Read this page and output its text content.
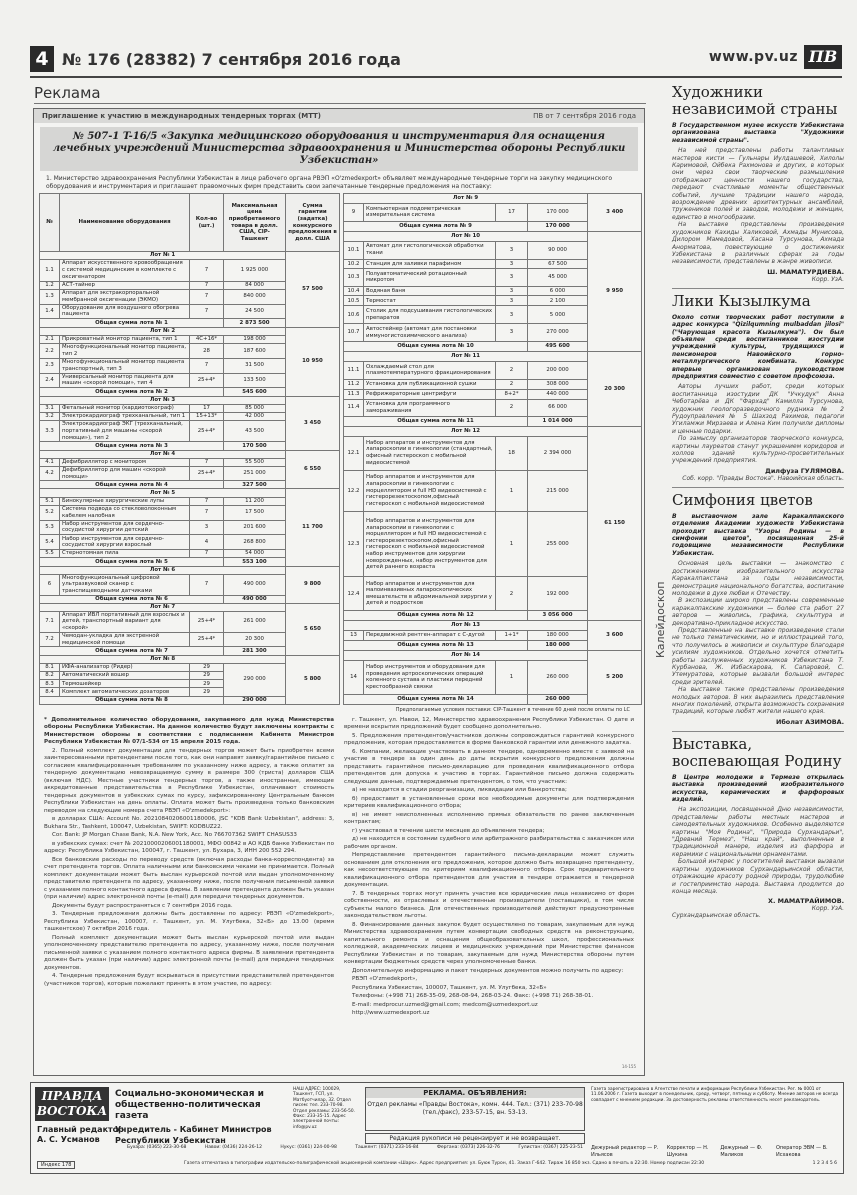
4 № 176 (28382) 7 сентября 2016 года	www.pv.uz ПВ
Реклама
Приглашение к участию в международных тендерных торгах (МТТ)	ПВ от 7 сентября 2016 года
№ 507-1 T-16/5 «Закупка медицинского оборудования и инструментария для оснащения лечебных учреждений Министерства здравоохранения и Министерства обороны Республики Узбекистан»
1. Министерство здравоохранения Республики Узбекистан в лице рабочего органа РВЭП «O'zmedexport» объявляет международные тендерные торги на закупку медицинского оборудования и инструментария и приглашает правомочных фирм представить свои запечатанные тендерные предложения на поставку:
№	Наименование оборудования	Кол-во (шт.)	Максимальная цена приобретаемого товара в долл. США, CIP-Ташкент	Сумма гарантии (задатка) конкурсного предложения в долл. США
Лот № 1				57 500
1.1	Аппарат искусственного кровообращения с системой медицинским в комплекте с оксигенатором	7	1 925 000	
1.2	АСТ-тайнер	7	84 000	
1.3	Аппарат для экстракорпоральной мембранной оксигенации (ЭКМО)	7	840 000	
1.4	Оборудование для воздушного обогрева пациента	7	24 500	
Общая сумма лота № 1			2 873 500	
Лот № 2				10 950
2.1	Прикроватный монитор пациента, тип 1	4C+16*	198 000	
2.2	Многофункциональный монитор пациента, тип 2	28	187 600	
2.3	Многофункциональный монитор пациента транспортный, тип 3	7	31 500	
2.4	Универсальный монитор пациента для машин «скорой помощи», тип 4	25+4*	133 500	
Общая сумма лота № 2			545 600	
Лот № 3				3 450
3.1	Фетальный монитор (кардиотокограф)	17	85 000	
3.2	Электрокардиограф трехканальный, тип 1	15+13*	42 000	
3.3	Электрокардиограф ЭКГ (трехканальный, портативный для машины «скорой помощи»), тип 2	25+4*	43 500	
Общая сумма лота № 3			170 500	
Лот № 4				6 550
4.1	Дефибриллятор с монитором	7	55 500	
4.2	Дефибриллятор для машин «скорой помощи»	25+4*	251 000	
Общая сумма лота № 4			327 500	
Лот № 5				11 700
5.1	Бинокулярные хирургические лупы	7	11 200	
5.2	Система подвода со стекловолоконным кабелем налобная	7	17 500	
5.3	Набор инструментов для сердечно-сосудистой хирургии детский	3	201 600	
5.4	Набор инструментов для сердечно-сосудистой хирургии взрослый	4	268 800	
5.5	Стернотомная пила	7	54 000	
Общая сумма лота № 5			553 100	
Лот № 6				9 800
6	Многофункциональный цифровой ультразвуковой сканер с транспищеводными датчиками	7	490 000	
Общая сумма лота № 6			490 000	
Лот № 7				5 650
7.1	Аппарат ИВЛ портативный для взрослых и детей, транспортный вариант для «скорой»	25+4*	261 000	
7.2	Чемодан-укладка для экстренной медицинской помощи	25+4*	20 300	
Общая сумма лота № 7			281 300	
Лот № 8				5 800
8.1	ИФА-анализатор (Ридер)	29	290 000	
8.2	Автоматический вошер	29		
8.3	Термошейкер	29		
8.4	Комплект автоматических дозаторов	29		
Общая сумма лота № 8			290 000	
Лот № 9				3 400
9	Компьютерная подометрическая измерительная система	17	170 000	
Общая сумма лота № 9			170 000	
Лот № 10				9 950
10.1	Автомат для гистологической обработки ткани	3	90 000	
10.2	Станция для заливки парафином	3	67 500	
10.3	Полуавтоматический ротационный микротом	3	45 000	
10.4	Водяная баня	3	6 000	
10.5	Термостат	3	2 100	
10.6	Столик для подсушивания гистологических препаратов	3	5 000	
10.7	Автостейнер (автомат для постановки иммуногистохимического анализа)	3	270 000	
Общая сумма лота № 10			495 600	
Лот № 11				20 300
11.1	Охлаждаемый стол для плазмотемпературного фракционирования	2	200 000	
11.2	Установка для публикационной сушки	2	308 000	
11.3	Рефрижераторные центрифуги	8+2*	440 000	
11.4	Установка для программного замораживания	2	66 000	
Общая сумма лота № 11			1 014 000	
Лот № 12				61 150
12.1	Набор аппаратов и инструментов для лапароскопии в гинекологии (стандартный, офисный гистероскоп с мобильной видеосистемой	18	2 394 000	
12.2	Набор аппаратов и инструментов для лапароскопии в гинекологии с морцеллятором и full HD видеосистемой с гистерорезектоскопом,офисный гистероскоп с мобильной видеосистемой	1	215 000	
12.3	Набор аппаратов и инструментов для лапароскопии в гинекологии с морцеллятором и full HD видеосистемой с гистерорезектоскопом,офисный гистероскоп с мобильной видеосистемой набор инструментов для хирургии новорожденных, набор инструментов для детей раннего возраста	1	255 000	
12.4	Набор аппаратов и инструментов для малоинвазивных лапароскопических вмешательств в абдоминальной хирургии у детей и подростков	2	192 000	
Общая сумма лота № 12			3 056 000	
Лот № 13				3 600
13	Передвижной рентген-аппарат с С-дугой	1+1*	180 000	
Общая сумма лота № 13			180 000	
Лот № 14				5 200
14	Набор инструментов и оборудования для проведения артроскопических операций коленного сустава и пластики передней крестообразной связки	1	260 000	
Общая сумма лота № 14			260 000	
Предполагаемые условия поставки: CIP-Ташкент в течение 60 дней после оплаты по LC

* Дополнительное количество оборудования, закупаемого для нужд Министерства обороны Республики Узбекистан. На данное количество будут заключены контракты с Министерством обороны в соответствии с подписанием Кабинета Министров Республики Узбекистан № 07/1-534 от 15 апреля 2015 года.

2. Полный комплект документации для тендерных торгов может быть приобретен всеми заинтересованными претендентами после того, как они направят заявку/гарантийное письмо с согласием квалифицированным требованиям по указанному ниже адресу, а также оплатят за тендерную документацию невозвращаемую сумму в размере 300 (триста) долларов США (включая НДС). Местные участники тендерных торгов, а также иностранные, имеющие аккредитованные представительства в Республике Узбекистан, оплачивают стоимость тендерных документов в узбекских сумах по курсу, зафиксированному Центральным банком Республики Узбекистан на день оплаты. Оплата может быть произведена только банковским переводом на следующие номера счета РВЭП «O'zmedekport»:

в долларах США: Account No. 20210840206001180006, JSC "KDB Bank Uzbekistan", address: 3, Bukhara Str., Tashkent, 100047, Uzbekistan, SWIFT: KODBUZ22.

Cor. Bank: JP Morgan Chase Bank, N.A. New York, Acc. No 766707362 SWIFT CHASUS33

в узбекских сумах: счет № 20210000206001180001, МФО 00842 в АО КДБ банке Узбекистан по адресу: Республика Узбекистан, 100047, г. Ташкент, ул. Бухара, 3, ИНН 200 552 294.

Все банковские расходы по переводу средств (включая расходы банка-корреспондента) за счет претендента торгов. Оплата наличными или банковскими чеками не принимается. Полный комплект документации может быть выслан курьерской почтой или выдан уполномоченному представителю претендента по адресу, указанному ниже, после получения письменной заявки с указанием полного контактного адреса фирмы. В заявлении претендента должен быть указан (при наличии) адрес электронной почты (e-mail) для передачи тендерных документов.

Документы будут распространяться с 7 сентября 2016 года.

3. Тендерные предложения должны быть доставлены по адресу: РВЭП «O'zmedekport», Республика Узбекистан, 100007, г. Ташкент, ул. М. Улугбека, 32«Б» до 13.00 (время ташкентское) 7 октября 2016 года.

Полный комплект документации может быть выслан курьерской почтой или выдан уполномоченному представителю претендента по адресу, указанному ниже, после получения письменной заявки с указанием полного контактного адреса фирмы. В заявлении претендента должен быть указан (при наличии) адрес электронной почты (e-mail) для передачи тендерных документов.

4. Тендерные предложения будут вскрываться в присутствии представителей претендентов (участников торгов), которые пожелают принять в этом участие, по адресу:

г. Ташкент, ул. Навои, 12, Министерство здравоохранения Республики Узбекистан. О дате и времени вскрытия предложений будет сообщено дополнительно.

5. Предложения претендентов/участников должны сопровождаться гарантией конкурсного предложения, которая предоставляется в форме банковской гарантии или денежного задатка.

6. Компании, желающие участвовать в данном тендере, одновременно вместе с заявкой на участие в тендере за один день до даты вскрытия конкурсного предложения должны представить гарантийное письмо-декларацию для проведения квалификационного отбора претендентов для допуска к участию в торгах. Гарантийное письмо должна содержать следующие данные, подтверждаемые претендентом, о том, что участник:

а) не находится в стадии реорганизации, ликвидации или банкротства;

б) предоставит в установленные сроки все необходимые документы для подтверждения критериев квалификационного отбора;

в) не имеет неисполненных исполнению прямых обязательств по ранее заключенным контрактам;

г) участвовал в течение шести месяцев до объявления тендера;

д) не находится в состоянии судебного или арбитражного разбирательства с заказчиком или рабочим органом.

Непредставление претендентом гарантийного письма-декларации может служить основанием для отклонения его предложения, которое должно быть возвращено претенденту, как несоответствующее по критериям квалификационного отбора. Срок предварительного квалификационного отбора претендентов для участия в тендере отражается в тендерной документации.

7. В тендерных торгах могут принять участие все юридические лица независимо от форм собственности, из отраслевых и отечественные производители (поставщики), в том числе субъекты малого бизнеса. Для отечественных производителей действуют предусмотренные законодательством льготы.

8. Финансирование данных закупок будет осуществлено по товарам, закупаемым для нужд Министерства здравоохранения путем конвертации свободных средств на реконструкцию, капитального ремонта и оснащения общеобразовательных школ, профессиональных колледжей, академических лицеев и медицинских учреждений при Министерстве финансов Республики Узбекистан и по товарам, закупаемым для нужд Министерства обороны путем конвертации бюджетных средств через уполномоченные банки.

Дополнительную информацию и пакет тендерных документов можно получить по адресу:

РВЭП «O'zmedekport»,

Республика Узбекистан, 100007, Ташкент, ул. М. Улугбека, 32«Б»

Телефоны: (+998 71) 268-35-09, 268-08-94, 268-03-24. Факс: (+998 71) 268-38-01.

E-mail: medprocur.uzmed@gmail.com; medcom@uzmedexport.uz

http://www.uzmedexport.uz

14-155
Калейдоскоп
Художники независимой страны
В Государственном музее искусств Узбекистана организована выставка "Художники независимой страны".

На ней представлены работы талантливых мастеров кисти — Гульнары Иулдашевой, Хилолы Каримовой, Ойбека Рахмонова и других, в которых они через свои творческие размышления отображают ценности нашего государства, передают счастливые моменты общественных событий, лучшие традиции нашего народа, возрождение древних архитектурных ансамблей, тружеников полей и заводов, молодежи и женщин, единство в многообразии.

На выставке представлены произведения художников Кахиды Халиковой, Ахмады Мунисова, Дилором Мамедовой, Хасана Турсунова, Ахмада Анорматова, повествующие о достижениях Узбекистана в различных сферах за годы независимости, представлены в жанре живописи.

Ш. МАМАТУРДИЕВА.
Корр. УзА.
Лики Кызылкума
Около сотни творческих работ поступили в адрес конкурса "Qizilqumning mulbaddan jilosi" ("Чарующая красота Кызылкума"). Он был объявлен среди воспитанников изостудии учреждений культуры, трудящихся и пенсионеров Навоийского горно-металлургического комбината. Конкурс впервые организован руководством предприятия совместно с советом профсоюза.

Авторы лучших работ, среди которых воспитанница изостудии ДК "Учкудук" Анна Чеботарёва и ДК "Фархад" Камилла Турсунова, художник геологоразведочного рудника № 2 Рудоуправления № 5 Шахзод Рахимов, педагоги Угиламжи Мирзаева и Алена Ким получили дипломы и ценные подарки.

По замыслу организаторов творческого конкурса, картины лауреатов станут украшением коридоров и холлов зданий культурно-просветительных учреждений предприятия.

Дилфуза ГУЛЯМОВА.
Соб. корр. "Правды Востока". Навоийская область.
Симфония цветов
В выставочном зале Каракалпакского отделения Академии художеств Узбекистана проходит выставка "Узоры Родины — в симфонии цветов", посвященная 25-й годовщине независимости Республики Узбекистан.

Основная цель выставки — знакомство с достижениями изобразительного искусства Каракалпакстана за годы независимости, демонстрация национального богатства, воспитание молодежи в духе любви к Отечеству.

В экспозиции широко представлены современные каракалпакские художники — более ста работ 27 авторов — живопись, графика, скульптура и декоративно-прикладное искусство.

Представленные на выставке произведения стали не только тематическими, но и иллюстрацией того, что получилось в живописи и скульптуре благодаря усилиям художников. Отдельно хочется отметить работы заслуженных художников Узбекистана Т. Курбанова, Ж. Избаскарова, К. Сапаровой, С. Утемуратова, которые вызвали большой интерес среди зрителей.

На выставке также представлены произведения молодых авторов. В них выразились представления многих поколений, открыта возможность сохранения традиций, которые любят жители нашего края.

Иболат АЗИМОВА.
Выставка, воспевающая Родину
В Центре молодежи в Термезе открылась выставка произведений изобразительного искусства, керамических и фарфоровых изделий.

На экспозиции, посвященной Дню независимости, представлены работы местных мастеров и самодеятельных художников. Особенно выделяются картины "Моя Родина", "Природа Сурхандарьи", "Древний Термез", "Наш край", выполненные в традиционной манере, изделия из фарфора и керамики с национальными орнаментами.

Большой интерес у посетителей выставки вызвали картины художников Сурхандарьинской области, отражающие красоту родной природы, трудолюбие и гостеприимство народа. Выставка продлится до конца месяца.

Х. МАМАТРАЙИМОВ.
Корр. УзА.
Сурхандарьинская область.
ПРАВДА
ВОСТОКА
Социально-экономическая и общественно-политическая газета
Учредитель - Кабинет Министров Республики Узбекистан
Главный редактор
А. С. Усманов
НАШ АДРЕС: 100029, Ташкент, ГСП, ул. Матбуотчилар, 32. Отдел писем: тел. 233-70-98. Отдел рекламы: 233-56-50. Факс: 233-35-15. Адрес электронной почты: info@pv.uz
РЕКЛАМА. ОБЪЯВЛЕНИЯ:
Отдел рекламы «Правды Востока», комн. 444. Тел.: (371) 233-70-98 (тел./факс), 233-57-15, вн. 53-13.
Редакция рукописи не рецензирует и не возвращает.
Газета зарегистрирована в Агентстве печати и информации Республики Узбекистан. Рег. № 0001 от 11.06.2006 г. Газета выходит в понедельник, среду, четверг, пятницу и субботу. Мнение авторов не всегда совпадает с мнением редакции. За достоверность рекламы ответственность несет рекламодатель.
Бухара: (0365) 223-30-68	Навои: (0436) 224-26-12	Нукус: (0361) 224-00-98	Ташкент: (0371) 233-16-84	Фергана: (0373) 226-32-76	Гулистан: (0367) 225-23-51 Дежурный редактор — Р. Ильясов
Корректор — Н. Шукина
Дежурный — Ф. Маликов
Оператор ЭВМ — В. Исхакова
Индекс 178	Газета отпечатана в типографии издательско-полиграфической акционерной компании «Шарк». Адрес предприятия: ул. Буюк Турон, 41. Заказ Г-642. Тираж 16 850 экз. Сдано в печать в 22:30. Номер подписан 22:30	1 2 3 4 5 6
